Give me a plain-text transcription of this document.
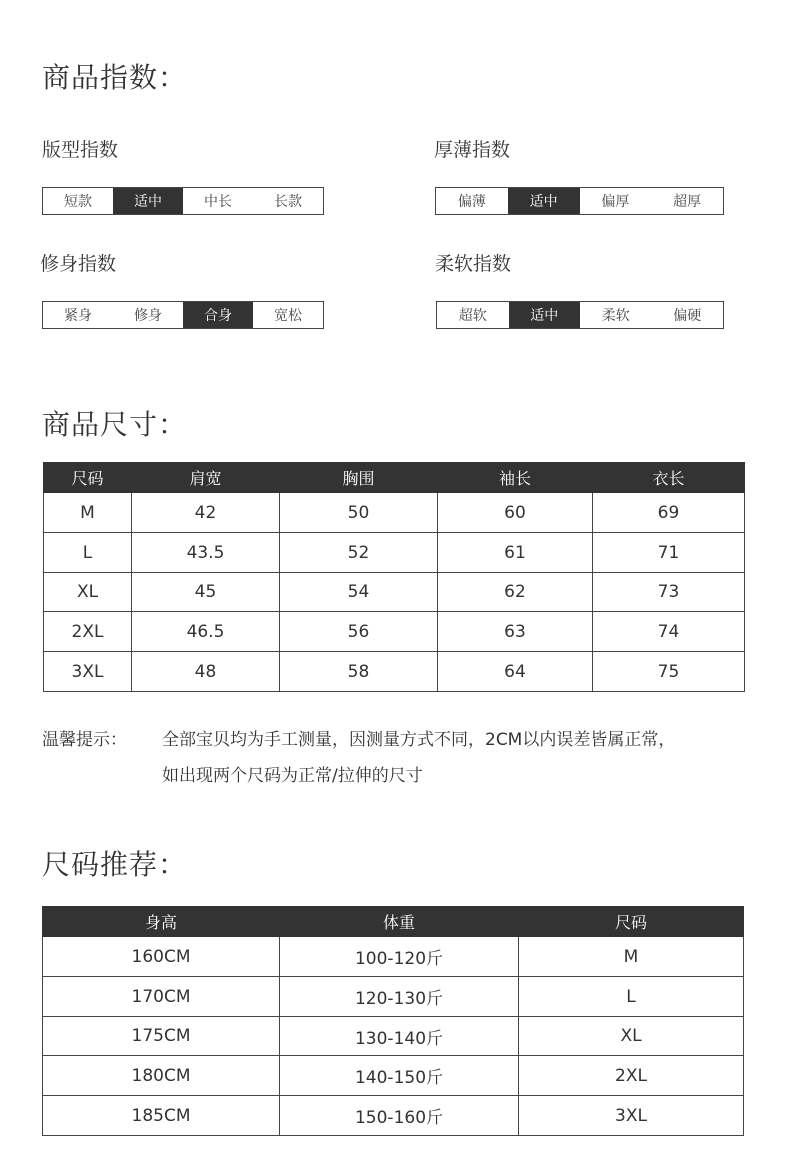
商品指数：
版型指数
短款	适中	中长	长款
厚薄指数
偏薄	适中	偏厚	超厚
修身指数
紧身	修身	合身	宽松
柔软指数
超软	适中	柔软	偏硬
商品尺寸：
尺码	肩宽	胸围	袖长	衣长
M	42	50	60	69
L	43.5	52	61	71
XL	45	54	62	73
2XL	46.5	56	63	74
3XL	48	58	64	75
温馨提示： 全部宝贝均为手工测量，因测量方式不同，2CM以内误差皆属正常，
如出现两个尺码为正常/拉伸的尺寸
尺码推荐：
身高	体重	尺码
160CM	100-120斤	M
170CM	120-130斤	L
175CM	130-140斤	XL
180CM	140-150斤	2XL
185CM	150-160斤	3XL
